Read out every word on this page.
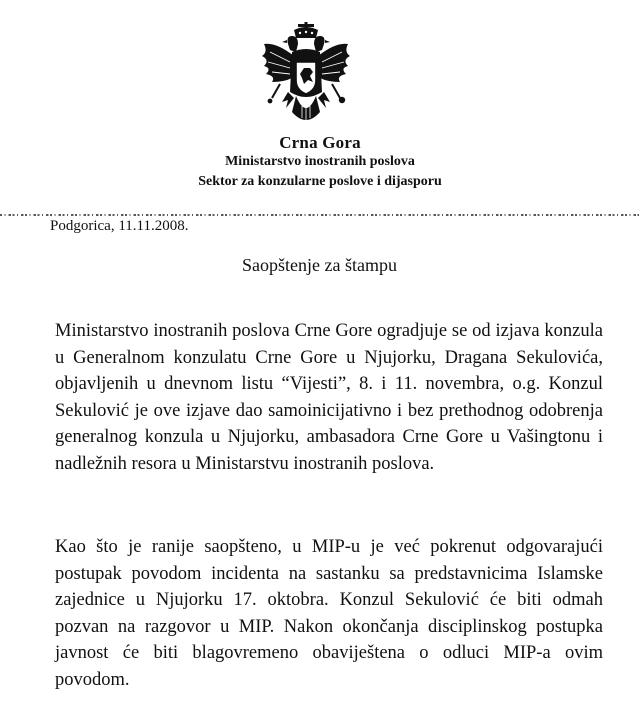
Crna Gora
Ministarstvo inostranih poslova
Sektor za konzularne poslove i dijasporu
Podgorica, 11.11.2008.
Saopštenje za štampu
Ministarstvo inostranih poslova Crne Gore ogradjuje se od izjava konzula u Generalnom konzulatu Crne Gore u Njujorku, Dragana Sekulovića, objavljenih u dnevnom listu “Vijesti”, 8. i 11. novembra, o.g. Konzul Sekulović je ove izjave dao samoinicijativno i bez prethodnog odobrenja generalnog konzula u Njujorku, ambasadora Crne Gore u Vašingtonu i nadležnih resora u Ministarstvu inostranih poslova.
Kao što je ranije saopšteno, u MIP-u je već pokrenut odgovarajući postupak povodom incidenta na sastanku sa predstavnicima Islamske zajednice u Njujorku 17. oktobra. Konzul Sekulović će biti odmah pozvan na razgovor u MIP. Nakon okončanja disciplinskog postupka javnost će biti blagovremeno obaviještena o odluci MIP-a ovim povodom.
